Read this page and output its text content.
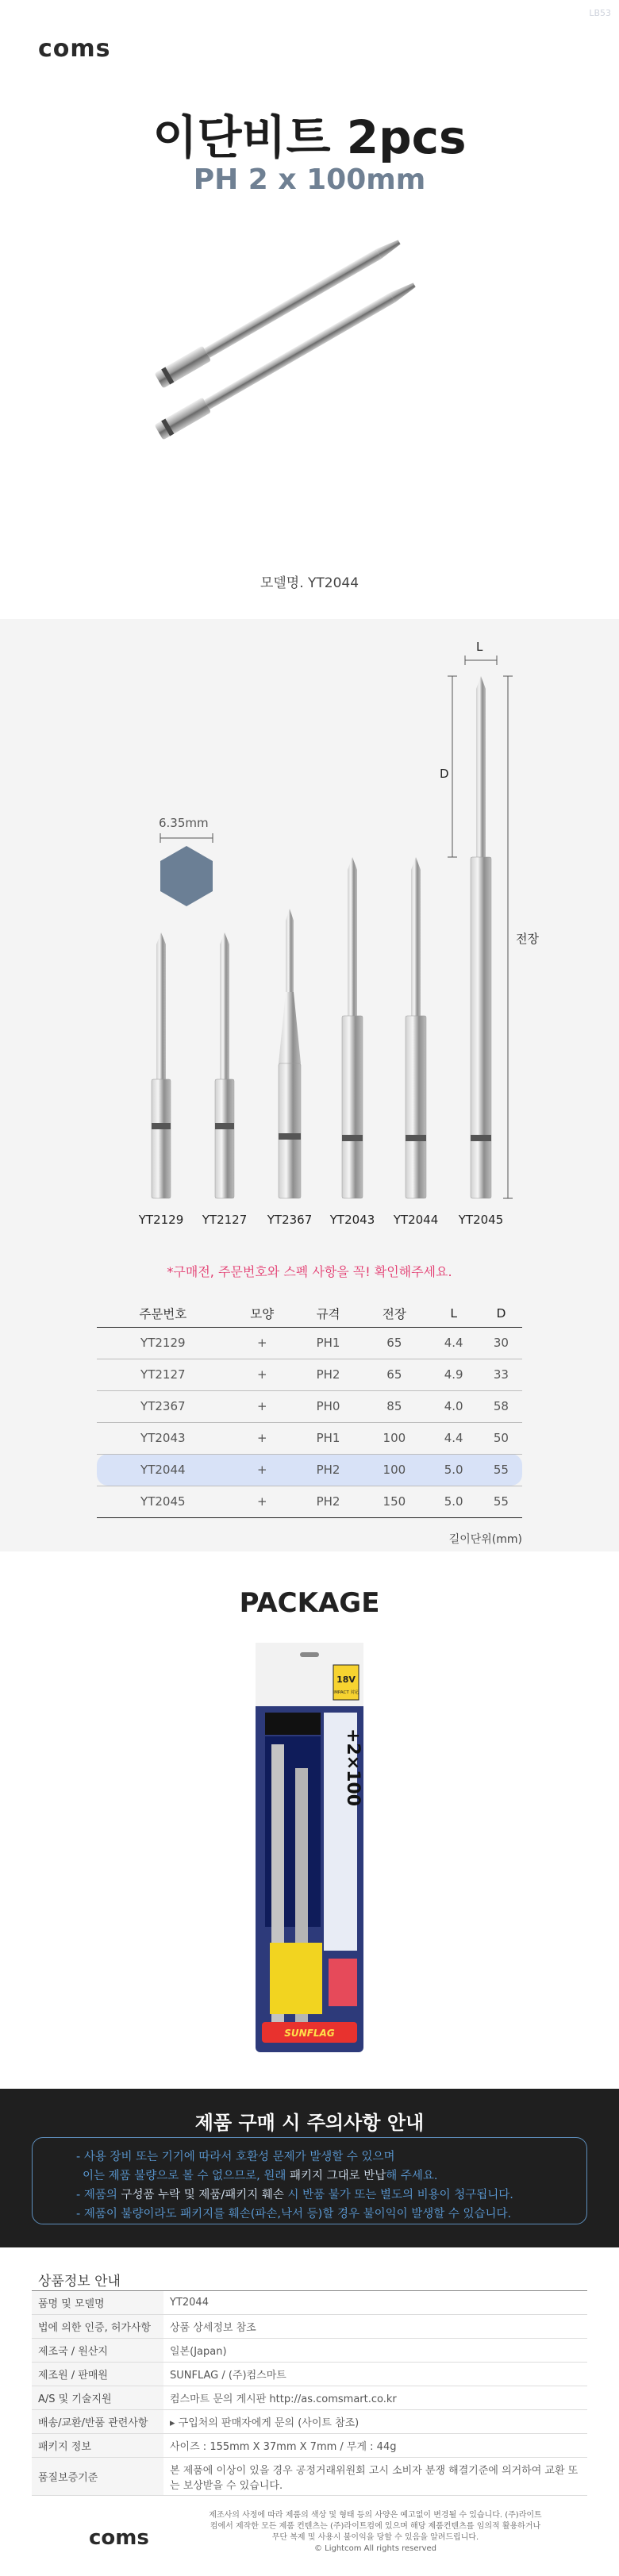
coms
LB53
이단비트 2pcs
PH 2 x 100mm
모델명. YT2044
L
D
전장
6.35mm
YT2129	YT2127	YT2367	YT2043	YT2044	YT2045
*구매전, 주문번호와 스펙 사항을 꼭! 확인해주세요.
주문번호	모양	규격	전장	L	D
YT2129	+	PH1	65	4.4	30
YT2127	+	PH2	65	4.9	33
YT2367	+	PH0	85	4.0	58
YT2043	+	PH1	100	4.4	50
YT2044	+	PH2	100	5.0	55
YT2045	+	PH2	150	5.0	55
길이단위(mm)
PACKAGE
18V
IMPACT 対応
+2×100
SUNFLAG
제품 구매 시 주의사항 안내
- 사용 장비 또는 기기에 따라서 호환성 문제가 발생할 수 있으며
이는 제품 불량으로 볼 수 없으므로, 원래 패키지 그대로 반납해 주세요.
- 제품의 구성품 누락 및 제품/패키지 훼손 시 반품 불가 또는 별도의 비용이 청구됩니다.
- 제품이 불량이라도 패키지를 훼손(파손,낙서 등)할 경우 불이익이 발생할 수 있습니다.
상품정보 안내
품명 및 모델명	YT2044
법에 의한 인증, 허가사항	상품 상세정보 참조
제조국 / 원산지	일본(Japan)
제조원 / 판매원	SUNFLAG / (주)컴스마트
A/S 및 기술지원	컴스마트 문의 게시판 http://as.comsmart.co.kr
배송/교환/반품 관련사항	▸ 구입처의 판매자에게 문의 (사이트 참조)
패키지 정보	사이즈 : 155mm X 37mm X 7mm / 무게 : 44g
품질보증기준	본 제품에 이상이 있을 경우 공정거래위원회 고시 소비자 분쟁 해결기준에 의거하여 교환 또는 보상받을 수 있습니다.
coms
제조사의 사정에 따라 제품의 색상 및 형태 등의 사양은 예고없이 변경될 수 있습니다. (주)라이트컴에서 제작한 모든 제품 컨텐츠는 (주)라이트컴에 있으며 해당 제품컨텐츠를 임의적 활용하거나 무단 복제 및 사용시 불이익을 당할 수 있음을 알려드립니다.
© Lightcom All rights reserved
